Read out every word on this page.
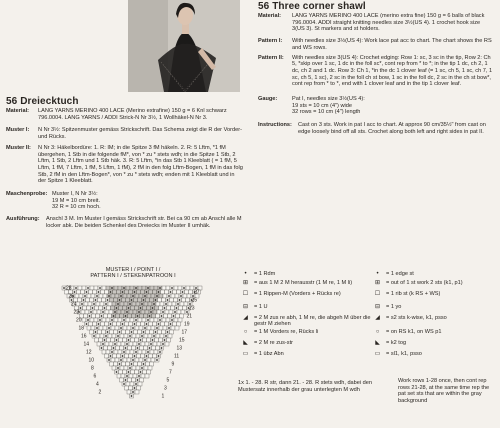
56 Dreiecktuch
Material: LANG YARNS MERINO 400 LACE (Merino extrafine) 150 g = 6 Knl schwarz 796.0004. LANG YARNS / ADDI Strick-N Nr 3½, 1 Wollhäkel-N Nr 3.
Muster I: N Nr 3½: Spitzenmuster gemäss Strickschrift. Das Schema zeigt die R der Vorder- und Rücks.
Muster II: N Nr 3: Häkelbordüre: 1. R: IM; in die Spitze 3 fM häkeln. 2. R: 5 Lftm, *1 fM übergehen, 1 Stb in die folgende fM*, von * zu * stets wdh; in die Spitze 1 Stb, 2 Lftm, 1 Stb, 2 Lftm und 1 Stb häk. 3. R: 5 Lftm, *in das Stb 1 Kleeblatt ( = 1 fM, 5 Lftm, 1 fM, 7 Lftm, 1 fM, 5 Lftm, 1 fM), 2 fM in den folg Lftm-Bogen, 1 fM in das folg Stb, 2 fM in den Lftm-Bogen*, von * zu * stets wdh; enden mit 1 Kleeblatt und in der Spitze 1 Kleeblatt.
Maschenprobe: Muster I, N Nr 3½:
19 M = 10 cm breit.
32 R = 10 cm hoch.
Ausführung: Anschl 3 M. Im Muster I gemäss Strickschrift str. Bei ca 90 cm ab Anschl alle M locker abk. Die beiden Schenkel des Dreiecks im Muster II umhäk.
56 Three corner shawl
Material: LANG YARNS MERINO 400 LACE (merino extra fine) 150 g = 6 balls of black 796.0004. ADDI straight knitting needles size 3½(US 4). 1 crochet hook size 3(US 3). St markers and st holders.
Pattern I: With needles size 3½(US 4): Work lace pat acc to chart. The chart shows the RS and WS rows.
Pattern II: With needles size 3(US 4): Crochet edging: Row 1: sc, 3 sc in the tip, Row 2: Ch 5, *skip over 1 sc, 1 dc in the foll sc*, cont rep from * to *; in the tip 1 dc, ch 2, 1 dc, ch 2 and 1 dc. Row 3: Ch 1, *in the dc 1 clover leaf (= 1 sc, ch 5, 1 sc, ch 7, 1 sc, ch 5, 1 sc), 2 sc in the foll ch st bow, 1 sc in the foll dc, 2 sc in the ch st bow*, cont rep from * to *, end with 1 clover leaf and in the tip 1 clover leaf.
Gauge:	Pat I, needles size 3½(US 4):
19 sts = 10 cm (4") wide
32 rows = 10 cm (4") length
Instructions: Cast on 3 sts. Work in pat I acc to chart. At approx 90 cm/35½" from cast on edge loosely bind off all sts. Crochet along both left and right sides in pat II.
MUSTER I / POINT I /
PATTERN I / STEKENPATROON I
28
26
24
22
20
18
16
14
12
10
8
6
4
2
27
25
23
21
19
17
15
13
11
9
7
5
3
1
•	= 1 Rdm
⊞	= aus 1 M 2 M herausstr (1 M re, 1 M li)
☐	= 1 Rippen-M (Vorders + Rücks re)
⊟	= 1 U
◢	= 2 M zus re abh, 1 M re, die abgeh M über die gestr M ziehen
○	= 1 M Vorders re, Rücks li
◣	= 2 M re zus-str
▭	= 1 übz Abn
•	= 1 edge st
⊞	= out of 1 st work 2 sts (k1, p1)
☐	= 1 rib st (k RS + WS)
⊟	= 1 yo
◢	= s2 sts k-wise, k1, psso
○	= on RS k1, on WS p1
◣	= k2 tog
▭	= sl1, k1, psso
1x 1. - 28. R str, dann 21. - 28. R stets wdh, dabei den Mustersatz innerhalb der grau unterlegten M wdh
Work rows 1-28 once, then cont rep rows 21-28, at the same time rep the pat set sts that are within the gray background
